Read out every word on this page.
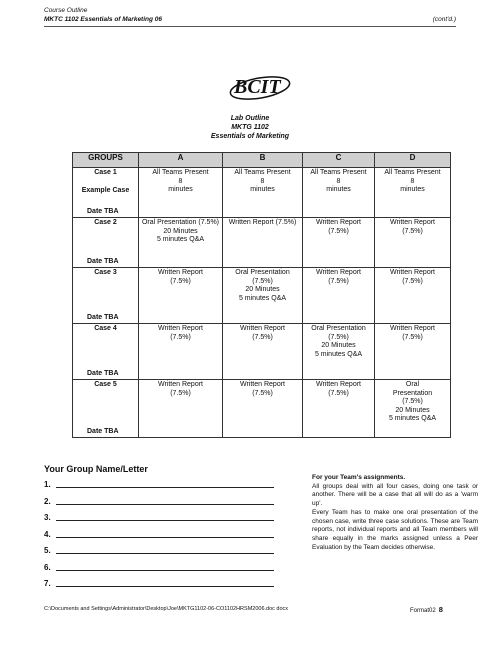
Course Outline
MKTC 1102 Essentials of Marketing 06	(cont'd.)
BCIT
Lab Outline
MKTG 1102
Essentials of Marketing
GROUPS	A	B	C	D

Case 1
Example Case
Date TBA	All Teams Present
8
minutes	All Teams Present
8
minutes	All Teams Present
8
minutes	All Teams Present
8
minutes

Case 2
Date TBA	Oral Presentation (7.5%)
20 Minutes
5 minutes Q&A	Written Report (7.5%)	Written Report
(7.5%)	Written Report
(7.5%)

Case 3
Date TBA	Written Report
(7.5%)	Oral Presentation
(7.5%)
20 Minutes
5 minutes Q&A	Written Report
(7.5%)	Written Report
(7.5%)

Case 4
Date TBA	Written Report
(7.5%)	Written Report
(7.5%)	Oral Presentation
(7.5%)
20 Minutes
5 minutes Q&A	Written Report
(7.5%)

Case 5
Date TBA	Written Report
(7.5%)	Written Report
(7.5%)	Written Report
(7.5%)	Oral
Presentation
(7.5%)
20 Minutes
5 minutes Q&A
Your Group Name/Letter
1.
2.
3.
4.
5.
6.
7.
For your Team's assignments.
All groups deal with all four cases, doing one task or another. There will be a case that all will do as a 'warm up'.
Every Team has to make one oral presentation of the chosen case, write three case solutions. These are Team reports, not individual reports and all Team members will share equally in the marks assigned unless a Peer Evaluation by the Team decides otherwise.
C:\Documents and Settings\Administrator\Desktop\Joe\MKTG1102-06-CO1102HRSM2006.doc docx	Format02 8
